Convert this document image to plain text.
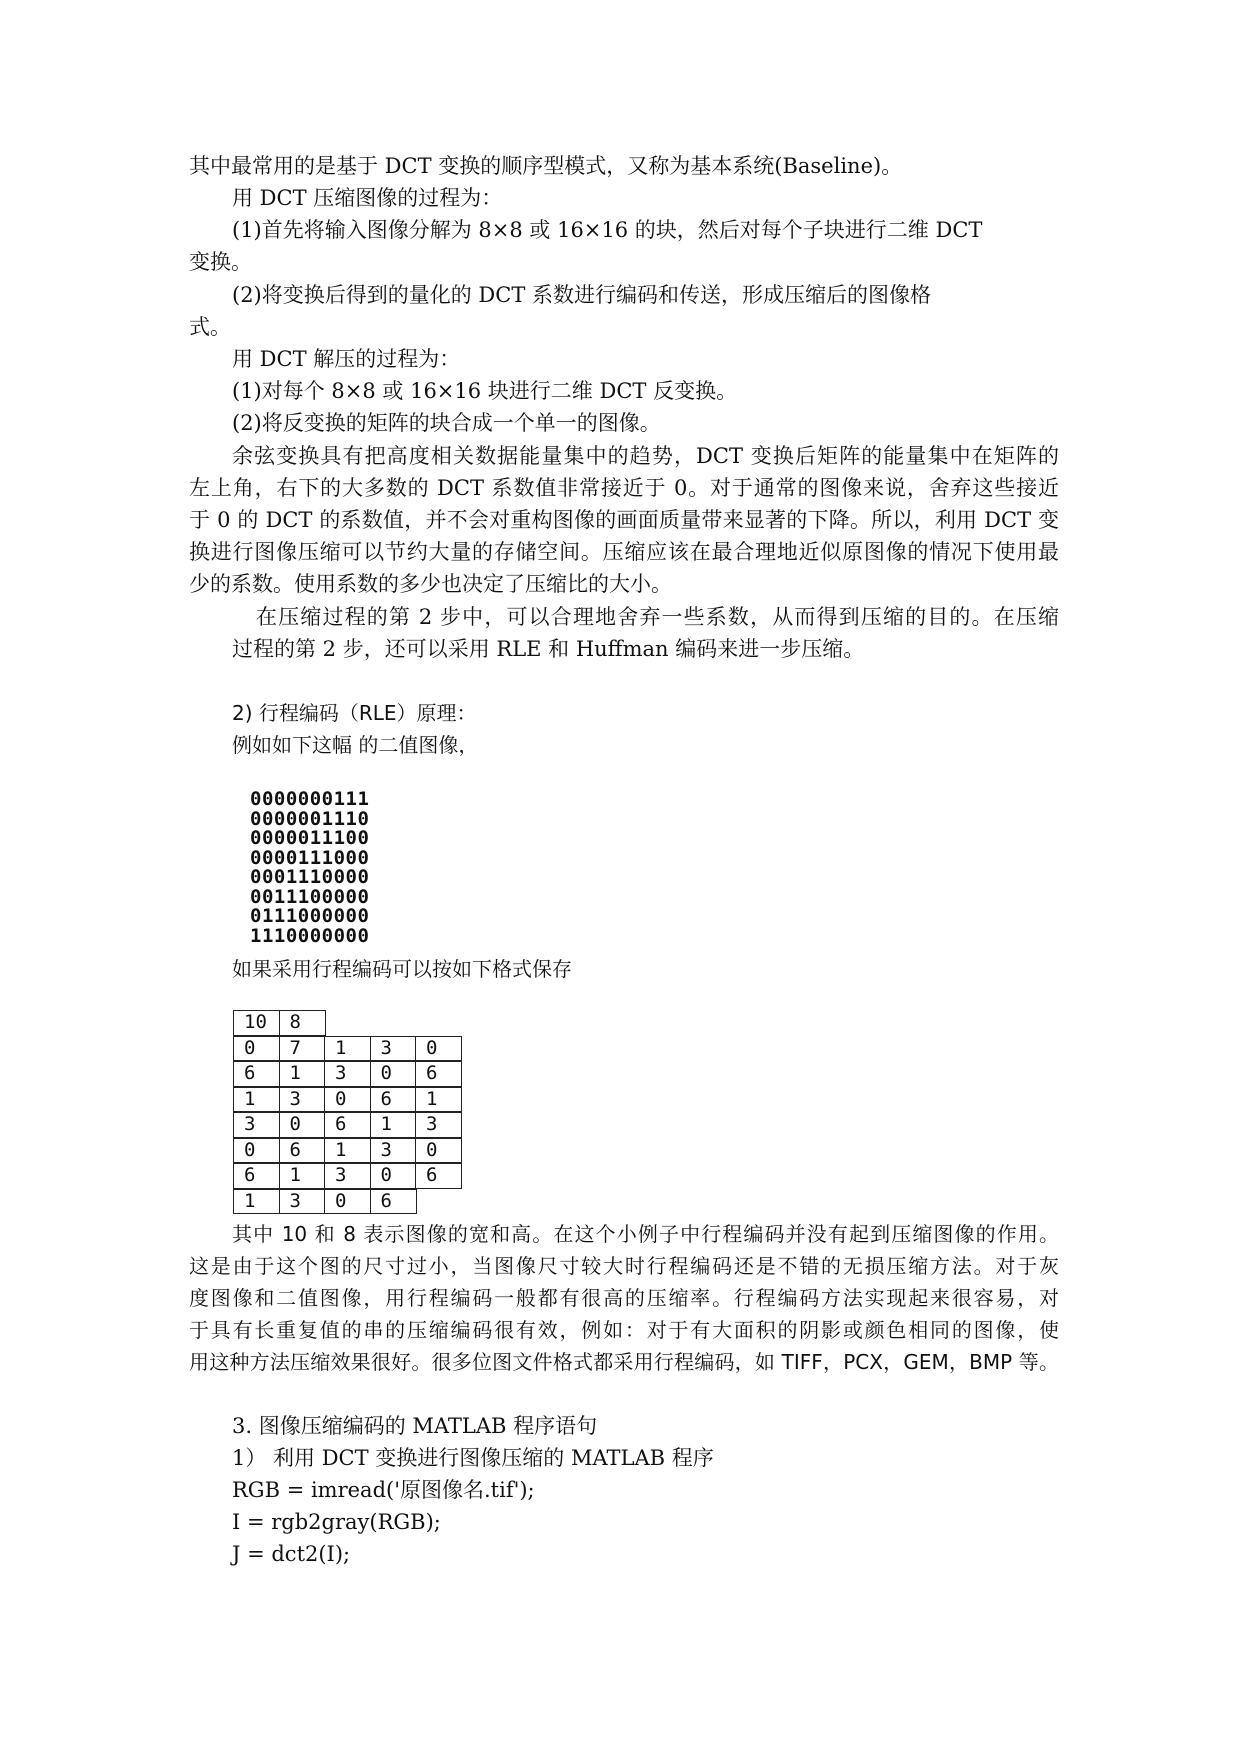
其中最常用的是基于 DCT 变换的顺序型模式，又称为基本系统(Baseline)。
用 DCT 压缩图像的过程为：
(1)首先将输入图像分解为 8×8 或 16×16 的块，然后对每个子块进行二维 DCT
变换。
(2)将变换后得到的量化的 DCT 系数进行编码和传送，形成压缩后的图像格
式。
用 DCT 解压的过程为：
(1)对每个 8×8 或 16×16 块进行二维 DCT 反变换。
(2)将反变换的矩阵的块合成一个单一的图像。
余弦变换具有把高度相关数据能量集中的趋势，DCT 变换后矩阵的能量集中在矩阵的
左上角，右下的大多数的 DCT 系数值非常接近于 0。对于通常的图像来说，舍弃这些接近
于 0 的 DCT 的系数值，并不会对重构图像的画面质量带来显著的下降。所以，利用 DCT 变
换进行图像压缩可以节约大量的存储空间。压缩应该在最合理地近似原图像的情况下使用最
少的系数。使用系数的多少也决定了压缩比的大小。
在压缩过程的第 2 步中，可以合理地舍弃一些系数，从而得到压缩的目的。在压缩
过程的第 2 步，还可以采用 RLE 和 Huffman 编码来进一步压缩。
2) 行程编码（RLE）原理：
例如如下这幅 的二值图像，
0000000111
0000001110
0000011100
0000111000
0001110000
0011100000
0111000000
1110000000
如果采用行程编码可以按如下格式保存
10	8
0	7	1	3	0
6	1	3	0	6
1	3	0	6	1
3	0	6	1	3
0	6	1	3	0
6	1	3	0	6
1	3	0	6
其中 10 和 8 表示图像的宽和高。在这个小例子中行程编码并没有起到压缩图像的作用。
这是由于这个图的尺寸过小，当图像尺寸较大时行程编码还是不错的无损压缩方法。对于灰
度图像和二值图像，用行程编码一般都有很高的压缩率。行程编码方法实现起来很容易，对
于具有长重复值的串的压缩编码很有效，例如：对于有大面积的阴影或颜色相同的图像，使
用这种方法压缩效果很好。很多位图文件格式都采用行程编码，如 TIFF，PCX，GEM，BMP 等。
3. 图像压缩编码的 MATLAB 程序语句
1） 利用 DCT 变换进行图像压缩的 MATLAB 程序
RGB = imread('原图像名.tif');
I = rgb2gray(RGB);
J = dct2(I);
